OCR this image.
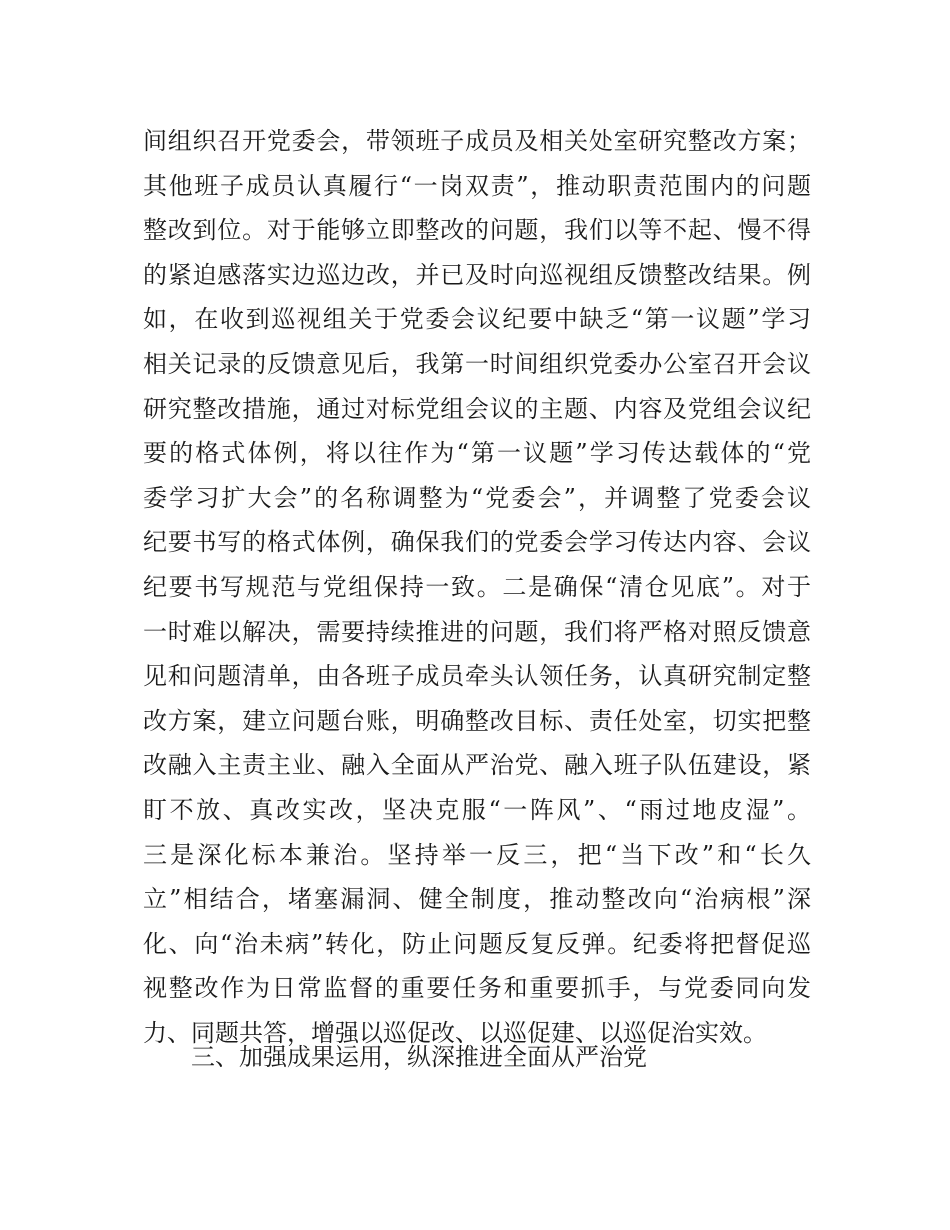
间组织召开党委会，带领班子成员及相关处室研究整改方案；
其他班子成员认真履行“一岗双责”，推动职责范围内的问题
整改到位。对于能够立即整改的问题，我们以等不起、慢不得
的紧迫感落实边巡边改，并已及时向巡视组反馈整改结果。例
如，在收到巡视组关于党委会议纪要中缺乏“第一议题”学习
相关记录的反馈意见后，我第一时间组织党委办公室召开会议
研究整改措施，通过对标党组会议的主题、内容及党组会议纪
要的格式体例，将以往作为“第一议题”学习传达载体的“党
委学习扩大会”的名称调整为“党委会”，并调整了党委会议
纪要书写的格式体例，确保我们的党委会学习传达内容、会议
纪要书写规范与党组保持一致。二是确保“清仓见底”。对于
一时难以解决，需要持续推进的问题，我们将严格对照反馈意
见和问题清单，由各班子成员牵头认领任务，认真研究制定整
改方案，建立问题台账，明确整改目标、责任处室，切实把整
改融入主责主业、融入全面从严治党、融入班子队伍建设，紧
盯不放、真改实改，坚决克服“一阵风”、“雨过地皮湿”。
三是深化标本兼治。坚持举一反三，把“当下改”和“长久
立”相结合，堵塞漏洞、健全制度，推动整改向“治病根”深
化、向“治未病”转化，防止问题反复反弹。纪委将把督促巡
视整改作为日常监督的重要任务和重要抓手，与党委同向发
力、同题共答，增强以巡促改、以巡促建、以巡促治实效。
三、加强成果运用，纵深推进全面从严治党
